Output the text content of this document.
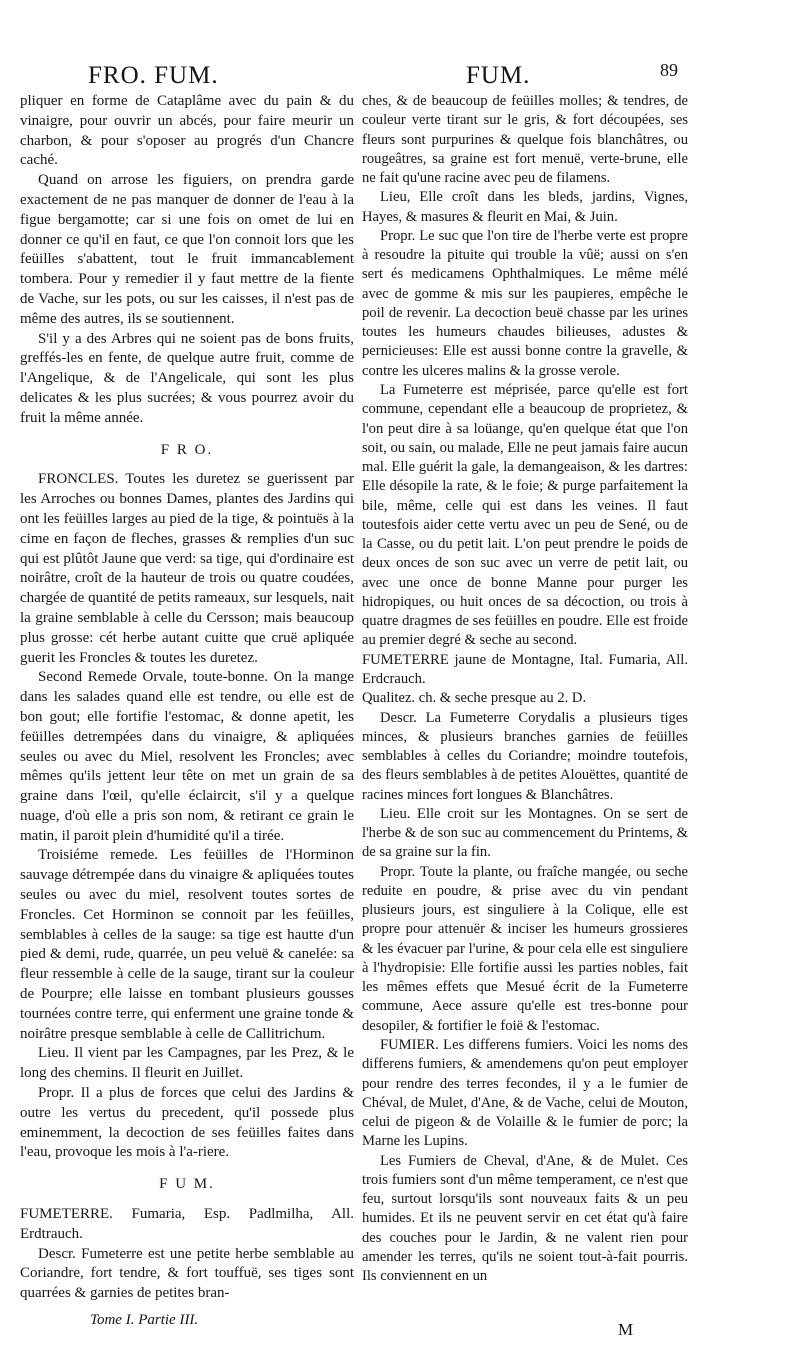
FRO. FUM.	FUM.	89

pliquer en forme de Cataplâme avec du pain & du vinaigre, pour ouvrir un abcés, pour faire meurir un charbon, & pour s'oposer au progrés d'un Chancre caché.

Quand on arrose les figuiers, on prendra garde exactement de ne pas manquer de donner de l'eau à la figue bergamotte; car si une fois on omet de lui en donner ce qu'il en faut, ce que l'on connoit lors que les feüilles s'abattent, tout le fruit immancablement tombera. Pour y remedier il y faut mettre de la fiente de Vache, sur les pots, ou sur les caisses, il n'est pas de même des autres, ils se soutiennent.

S'il y a des Arbres qui ne soient pas de bons fruits, greffés-les en fente, de quelque autre fruit, comme de l'Angelique, & de l'Angelicale, qui sont les plus delicates & les plus sucrées; & vous pourrez avoir du fruit la même année.

F R O.

FRONCLES. Toutes les duretez se guerissent par les Arroches ou bonnes Dames, plantes des Jardins qui ont les feüilles larges au pied de la tige, & pointuës à la cime en façon de fleches, grasses & remplies d'un suc qui est plûtôt Jaune que verd: sa tige, qui d'ordinaire est noirâtre, croît de la hauteur de trois ou quatre coudées, chargée de quantité de petits rameaux, sur lesquels, nait la graine semblable à celle du Cersson; mais beaucoup plus grosse: cét herbe autant cuitte que cruë apliquée guerit les Froncles & toutes les duretez.

Second Remede Orvale, toute-bonne. On la mange dans les salades quand elle est tendre, ou elle est de bon gout; elle fortifie l'estomac, & donne apetit, les feüilles detrempées dans du vinaigre, & apliquées seules ou avec du Miel, resolvent les Froncles; avec mêmes qu'ils jettent leur tête on met un grain de sa graine dans l'œil, qu'elle éclaircit, s'il y a quelque nuage, d'où elle a pris son nom, & retirant ce grain le matin, il paroit plein d'humidité qu'il a tirée.

Troisiéme remede. Les feüilles de l'Horminon sauvage détrempée dans du vinaigre & apliquées toutes seules ou avec du miel, resolvent toutes sortes de Froncles. Cet Horminon se connoit par les feüilles, semblables à celles de la sauge: sa tige est hautte d'un pied & demi, rude, quarrée, un peu veluë & canelée: sa fleur ressemble à celle de la sauge, tirant sur la couleur de Pourpre; elle laisse en tombant plusieurs gousses tournées contre terre, qui enferment une graine tonde & noirâtre presque semblable à celle de Callitrichum.

Lieu. Il vient par les Campagnes, par les Prez, & le long des chemins. Il fleurit en Juillet.

Propr. Il a plus de forces que celui des Jardins & outre les vertus du precedent, qu'il possede plus eminemment, la decoction de ses feüilles faites dans l'eau, provoque les mois à l'a-riere.

F U M.

FUMETERRE. Fumaria, Esp. Padlmilha, All. Erdtrauch.

Descr. Fumeterre est une petite herbe semblable au Coriandre, fort tendre, & fort touffuë, ses tiges sont quarrées & garnies de petites bran-

ches, & de beaucoup de feüilles molles; & tendres, de couleur verte tirant sur le gris, & fort découpées, ses fleurs sont purpurines & quelque fois blanchâtres, ou rougeâtres, sa graine est fort menuë, verte-brune, elle ne fait qu'une racine avec peu de filamens.

Lieu, Elle croît dans les bleds, jardins, Vignes, Hayes, & masures & fleurit en Mai, & Juin.

Propr. Le suc que l'on tire de l'herbe verte est propre à resoudre la pituite qui trouble la vûë; aussi on s'en sert és medicamens Ophthalmiques. Le même mélé avec de gomme & mis sur les paupieres, empêche le poil de revenir. La decoction beuë chasse par les urines toutes les humeurs chaudes bilieuses, adustes & pernicieuses: Elle est aussi bonne contre la gravelle, & contre les ulceres malins & la grosse verole.

La Fumeterre est méprisée, parce qu'elle est fort commune, cependant elle a beaucoup de proprietez, & l'on peut dire à sa loüange, qu'en quelque état que l'on soit, ou sain, ou malade, Elle ne peut jamais faire aucun mal. Elle guérit la gale, la demangeaison, & les dartres: Elle désopile la rate, & le foie; & purge parfaitement la bile, même, celle qui est dans les veines. Il faut toutesfois aider cette vertu avec un peu de Sené, ou de la Casse, ou du petit lait. L'on peut prendre le poids de deux onces de son suc avec un verre de petit lait, ou avec une once de bonne Manne pour purger les hidropiques, ou huit onces de sa décoction, ou trois à quatre dragmes de ses feüilles en poudre. Elle est froide au premier degré & seche au second.

FUMETERRE jaune de Montagne, Ital. Fumaria, All. Erdcrauch.

Qualitez. ch. & seche presque au 2. D.

Descr. La Fumeterre Corydalis a plusieurs tiges minces, & plusieurs branches garnies de feüilles semblables à celles du Coriandre; moindre toutefois, des fleurs semblables à de petites Alouëttes, quantité de racines minces fort longues & Blanchâtres.

Lieu. Elle croit sur les Montagnes. On se sert de l'herbe & de son suc au commencement du Printems, & de sa graine sur la fin.

Propr. Toute la plante, ou fraîche mangée, ou seche reduite en poudre, & prise avec du vin pendant plusieurs jours, est singuliere à la Colique, elle est propre pour attenuër & inciser les humeurs grossieres & les évacuer par l'urine, & pour cela elle est singuliere à l'hydropisie: Elle fortifie aussi les parties nobles, fait les mêmes effets que Mesué écrit de la Fumeterre commune, Aece assure qu'elle est tres-bonne pour desopiler, & fortifier le foië & l'estomac.

FUMIER. Les differens fumiers. Voici les noms des differens fumiers, & amendemens qu'on peut employer pour rendre des terres fecondes, il y a le fumier de Chéval, de Mulet, d'Ane, & de Vache, celui de Mouton, celui de pigeon & de Volaille & le fumier de porc; la Marne les Lupins.

Les Fumiers de Cheval, d'Ane, & de Mulet. Ces trois fumiers sont d'un même temperament, ce n'est que feu, surtout lorsqu'ils sont nouveaux faits & un peu humides. Et ils ne peuvent servir en cet état qu'à faire des couches pour le Jardin, & ne valent rien pour amender les terres, qu'ils ne soient tout-à-fait pourris. Ils conviennent en un

Tome I. Partie III.	M
